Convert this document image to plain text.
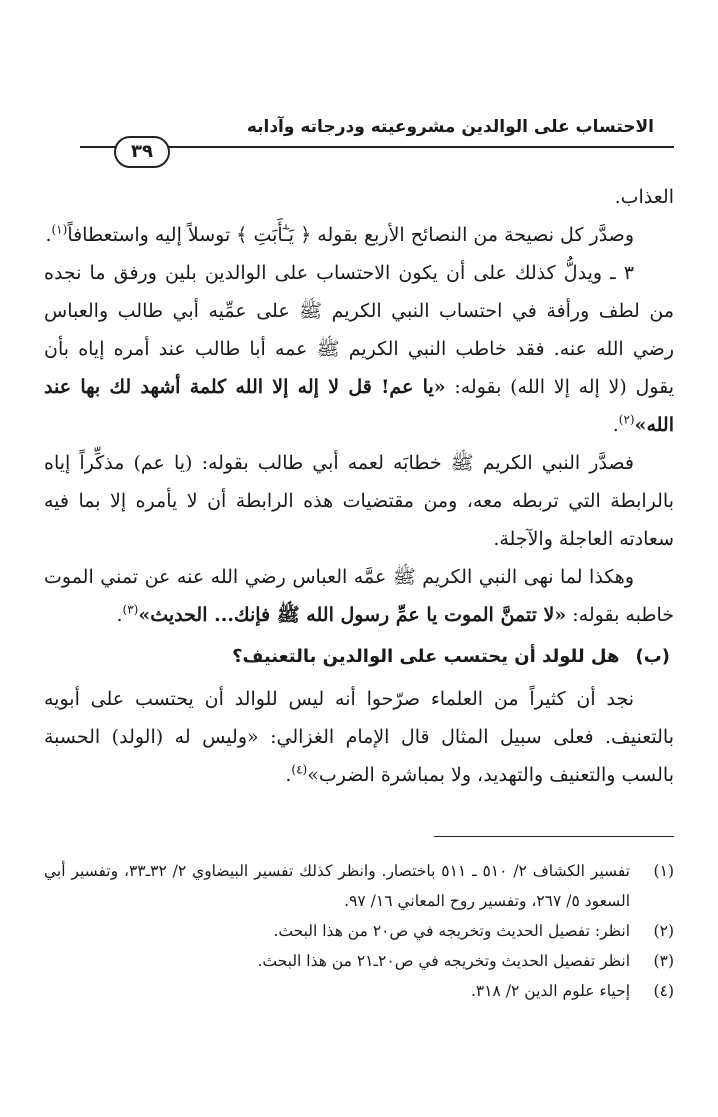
الاحتساب على الوالدين مشروعيته ودرجاته وآدابه
٣٩

العذاب.

وصدَّر كل نصيحة من النصائح الأربع بقوله ﴿ يَـٰٓأَبَتِ ﴾ توسلاً إليه واستعطافاً$^{(١)}$.

٣ ـ ويدلُّ كذلك على أن يكون الاحتساب على الوالدين بلين ورفق ما نجده من لطف ورأفة في احتساب النبي الكريم ﷺ على عمِّيه أبي طالب والعباس رضي الله عنه. فقد خاطب النبي الكريم ﷺ عمه أبا طالب عند أمره إياه بأن يقول (لا إله إلا الله) بقوله: «يا عم! قل لا إله إلا الله كلمة أشهد لك بها عند الله»$^{(٢)}$.

فصدَّر النبي الكريم ﷺ خطابَه لعمه أبي طالب بقوله: (يا عم) مذكِّراً إياه بالرابطة التي تربطه معه، ومن مقتضيات هذه الرابطة أن لا يأمره إلا بما فيه سعادته العاجلة والآجلة.

وهكذا لما نهى النبي الكريم ﷺ عمَّه العباس رضي الله عنه عن تمني الموت خاطبه بقوله: «لا تتمنَّ الموت يا عمِّ رسول الله ﷺ فإنك... الحديث»$^{(٣)}$.

(ب)هل للولد أن يحتسب على الوالدين بالتعنيف؟

نجد أن كثيراً من العلماء صرّحوا أنه ليس للوالد أن يحتسب على أبويه بالتعنيف. فعلى سبيل المثال قال الإمام الغزالي: «وليس له (الولد) الحسبة بالسب والتعنيف والتهديد، ولا بمباشرة الضرب»$^{(٤)}$.

(١)
تفسير الكشاف ٢/ ٥١٠ ـ ٥١١ باختصار. وانظر كذلك تفسير البيضاوي ٢/ ٣٢ـ٣٣، وتفسير أبي السعود ٥/ ٢٦٧، وتفسير روح المعاني ١٦/ ٩٧.

(٢)
انظر: تفصيل الحديث وتخريجه في ص٢٠ من هذا البحث.

(٣)
انظر تفصيل الحديث وتخريجه في ص٢٠ـ٢١ من هذا البحث.

(٤)
إحياء علوم الدين ٢/ ٣١٨.
